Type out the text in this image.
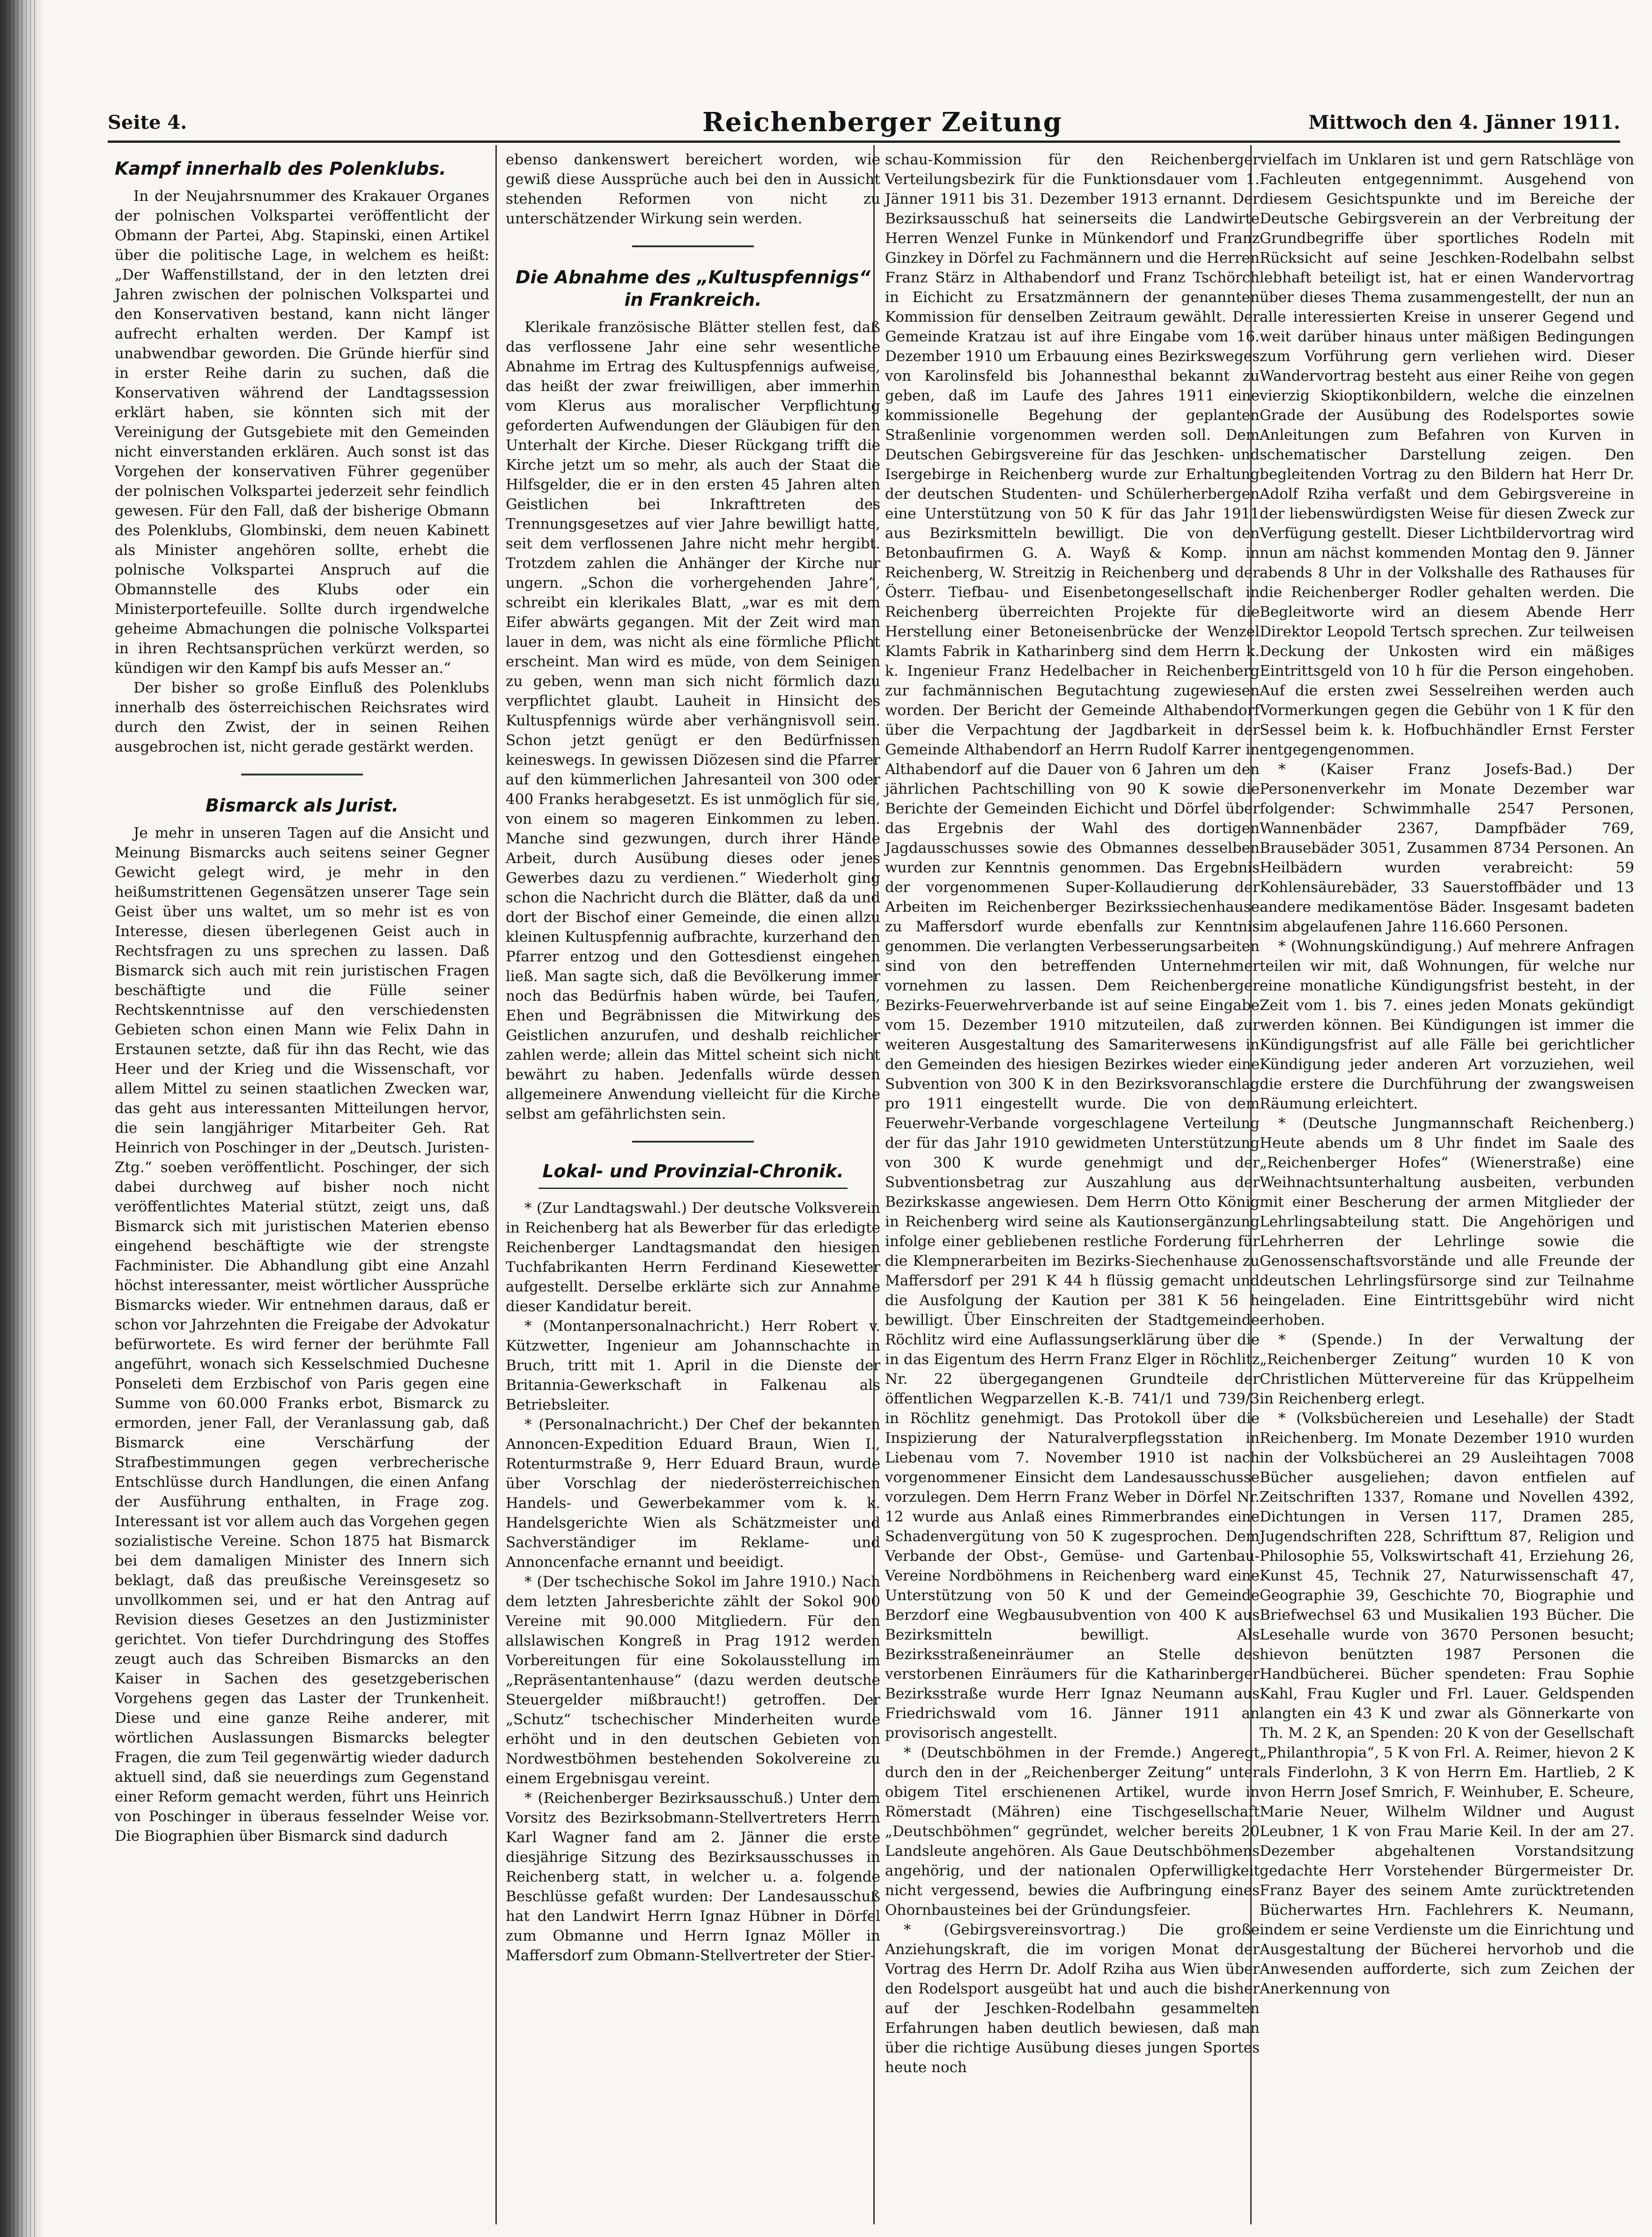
Seite 4.	Reichenberger Zeitung	Mittwoch den 4. Jänner 1911.
Kampf innerhalb des Polenklubs.

In der Neujahrsnummer des Krakauer Organes der polnischen Volkspartei veröffentlicht der Obmann der Partei, Abg. Stapinski, einen Artikel über die politische Lage, in welchem es heißt: „Der Waffenstillstand, der in den letzten drei Jahren zwischen der polnischen Volkspartei und den Konservativen bestand, kann nicht länger aufrecht erhalten werden. Der Kampf ist unabwendbar geworden. Die Gründe hierfür sind in erster Reihe darin zu suchen, daß die Konservativen während der Landtagssession erklärt haben, sie könnten sich mit der Vereinigung der Gutsgebiete mit den Gemeinden nicht einverstanden erklären. Auch sonst ist das Vorgehen der konservativen Führer gegenüber der polnischen Volkspartei jederzeit sehr feindlich gewesen. Für den Fall, daß der bisherige Obmann des Polenklubs, Glombinski, dem neuen Kabinett als Minister angehören sollte, erhebt die polnische Volkspartei Anspruch auf die Obmannstelle des Klubs oder ein Ministerportefeuille. Sollte durch irgendwelche geheime Abmachungen die polnische Volkspartei in ihren Rechtsansprüchen verkürzt werden, so kündigen wir den Kampf bis aufs Messer an.“

Der bisher so große Einfluß des Polenklubs innerhalb des österreichischen Reichsrates wird durch den Zwist, der in seinen Reihen ausgebrochen ist, nicht gerade gestärkt werden.

Bismarck als Jurist.

Je mehr in unseren Tagen auf die Ansicht und Meinung Bismarcks auch seitens seiner Gegner Gewicht gelegt wird, je mehr in den heißumstrittenen Gegensätzen unserer Tage sein Geist über uns waltet, um so mehr ist es von Interesse, diesen überlegenen Geist auch in Rechtsfragen zu uns sprechen zu lassen. Daß Bismarck sich auch mit rein juristischen Fragen beschäftigte und die Fülle seiner Rechtskenntnisse auf den verschiedensten Gebieten schon einen Mann wie Felix Dahn in Erstaunen setzte, daß für ihn das Recht, wie das Heer und der Krieg und die Wissenschaft, vor allem Mittel zu seinen staatlichen Zwecken war, das geht aus interessanten Mitteilungen hervor, die sein langjähriger Mitarbeiter Geh. Rat Heinrich von Poschinger in der „Deutsch. Juristen-Ztg.“ soeben veröffentlicht. Poschinger, der sich dabei durchweg auf bisher noch nicht veröffentlichtes Material stützt, zeigt uns, daß Bismarck sich mit juristischen Materien ebenso eingehend beschäftigte wie der strengste Fachminister. Die Abhandlung gibt eine Anzahl höchst interessanter, meist wörtlicher Aussprüche Bismarcks wieder. Wir entnehmen daraus, daß er schon vor Jahrzehnten die Freigabe der Advokatur befürwortete. Es wird ferner der berühmte Fall angeführt, wonach sich Kesselschmied Duchesne Ponseleti dem Erzbischof von Paris gegen eine Summe von 60.000 Franks erbot, Bismarck zu ermorden, jener Fall, der Veranlassung gab, daß Bismarck eine Verschärfung der Strafbestimmungen gegen verbrecherische Entschlüsse durch Handlungen, die einen Anfang der Ausführung enthalten, in Frage zog. Interessant ist vor allem auch das Vorgehen gegen sozialistische Vereine. Schon 1875 hat Bismarck bei dem damaligen Minister des Innern sich beklagt, daß das preußische Vereinsgesetz so unvollkommen sei, und er hat den Antrag auf Revision dieses Gesetzes an den Justizminister gerichtet. Von tiefer Durchdringung des Stoffes zeugt auch das Schreiben Bismarcks an den Kaiser in Sachen des gesetzgeberischen Vorgehens gegen das Laster der Trunkenheit. Diese und eine ganze Reihe anderer, mit wörtlichen Auslassungen Bismarcks belegter Fragen, die zum Teil gegenwärtig wieder dadurch aktuell sind, daß sie neuerdings zum Gegenstand einer Reform gemacht werden, führt uns Heinrich von Poschinger in überaus fesselnder Weise vor. Die Biographien über Bismarck sind dadurch

ebenso dankenswert bereichert worden, wie gewiß diese Aussprüche auch bei den in Aussicht stehenden Reformen von nicht zu unterschätzender Wirkung sein werden.

Die Abnahme des „Kultuspfennigs“ in Frankreich.

Klerikale französische Blätter stellen fest, daß das verflossene Jahr eine sehr wesentliche Abnahme im Ertrag des Kultuspfennigs aufweise, das heißt der zwar freiwilligen, aber immerhin vom Klerus aus moralischer Verpflichtung geforderten Aufwendungen der Gläubigen für den Unterhalt der Kirche. Dieser Rückgang trifft die Kirche jetzt um so mehr, als auch der Staat die Hilfsgelder, die er in den ersten 45 Jahren alten Geistlichen bei Inkrafttreten des Trennungsgesetzes auf vier Jahre bewilligt hatte, seit dem verflossenen Jahre nicht mehr hergibt. Trotzdem zahlen die Anhänger der Kirche nur ungern. „Schon die vorhergehenden Jahre“, schreibt ein klerikales Blatt, „war es mit dem Eifer abwärts gegangen. Mit der Zeit wird man lauer in dem, was nicht als eine förmliche Pflicht erscheint. Man wird es müde, von dem Seinigen zu geben, wenn man sich nicht förmlich dazu verpflichtet glaubt. Lauheit in Hinsicht des Kultuspfennigs würde aber verhängnisvoll sein. Schon jetzt genügt er den Bedürfnissen keineswegs. In gewissen Diözesen sind die Pfarrer auf den kümmerlichen Jahresanteil von 300 oder 400 Franks herabgesetzt. Es ist unmöglich für sie, von einem so mageren Einkommen zu leben. Manche sind gezwungen, durch ihrer Hände Arbeit, durch Ausübung dieses oder jenes Gewerbes dazu zu verdienen.“ Wiederholt ging schon die Nachricht durch die Blätter, daß da und dort der Bischof einer Gemeinde, die einen allzu kleinen Kultuspfennig aufbrachte, kurzerhand den Pfarrer entzog und den Gottesdienst eingehen ließ. Man sagte sich, daß die Bevölkerung immer noch das Bedürfnis haben würde, bei Taufen, Ehen und Begräbnissen die Mitwirkung des Geistlichen anzurufen, und deshalb reichlicher zahlen werde; allein das Mittel scheint sich nicht bewährt zu haben. Jedenfalls würde dessen allgemeinere Anwendung vielleicht für die Kirche selbst am gefährlichsten sein.

Lokal- und Provinzial-Chronik.

* (Zur Landtagswahl.) Der deutsche Volksverein in Reichenberg hat als Bewerber für das erledigte Reichenberger Landtagsmandat den hiesigen Tuchfabrikanten Herrn Ferdinand Kiesewetter aufgestellt. Derselbe erklärte sich zur Annahme dieser Kandidatur bereit.

* (Montanpersonalnachricht.) Herr Robert v. Kützwetter, Ingenieur am Johannschachte in Bruch, tritt mit 1. April in die Dienste der Britannia-Gewerkschaft in Falkenau als Betriebsleiter.

* (Personalnachricht.) Der Chef der bekannten Annoncen-Expedition Eduard Braun, Wien I., Rotenturmstraße 9, Herr Eduard Braun, wurde über Vorschlag der niederösterreichischen Handels- und Gewerbekammer vom k. k. Handelsgerichte Wien als Schätzmeister und Sachverständiger im Reklame- und Annoncenfache ernannt und beeidigt.

* (Der tschechische Sokol im Jahre 1910.) Nach dem letzten Jahresberichte zählt der Sokol 900 Vereine mit 90.000 Mitgliedern. Für den allslawischen Kongreß in Prag 1912 werden Vorbereitungen für eine Sokolausstellung im „Repräsentantenhause“ (dazu werden deutsche Steuergelder mißbraucht!) getroffen. Der „Schutz“ tschechischer Minderheiten wurde erhöht und in den deutschen Gebieten von Nordwestböhmen bestehenden Sokolvereine zu einem Ergebnisgau vereint.

* (Reichenberger Bezirksausschuß.) Unter dem Vorsitz des Bezirksobmann-Stellvertreters Herrn Karl Wagner fand am 2. Jänner die erste diesjährige Sitzung des Bezirksausschusses in Reichenberg statt, in welcher u. a. folgende Beschlüsse gefaßt wurden: Der Landesausschuß hat den Landwirt Herrn Ignaz Hübner in Dörfel zum Obmanne und Herrn Ignaz Möller in Maffersdorf zum Obmann-Stellvertreter der Stier-

schau-Kommission für den Reichenberger Verteilungsbezirk für die Funktionsdauer vom 1. Jänner 1911 bis 31. Dezember 1913 ernannt. Der Bezirksausschuß hat seinerseits die Landwirte Herren Wenzel Funke in Münkendorf und Franz Ginzkey in Dörfel zu Fachmännern und die Herren Franz Stärz in Althabendorf und Franz Tschörch in Eichicht zu Ersatzmännern der genannten Kommission für denselben Zeitraum gewählt. Der Gemeinde Kratzau ist auf ihre Eingabe vom 16. Dezember 1910 um Erbauung eines Bezirksweges von Karolinsfeld bis Johannesthal bekannt zu geben, daß im Laufe des Jahres 1911 eine kommissionelle Begehung der geplanten Straßenlinie vorgenommen werden soll. Dem Deutschen Gebirgsvereine für das Jeschken- und Isergebirge in Reichenberg wurde zur Erhaltung der deutschen Studenten- und Schülerherbergen eine Unterstützung von 50 K für das Jahr 1911 aus Bezirksmitteln bewilligt. Die von den Betonbaufirmen G. A. Wayß & Komp. in Reichenberg, W. Streitzig in Reichenberg und der Österr. Tiefbau- und Eisenbetongesellschaft in Reichenberg überreichten Projekte für die Herstellung einer Betoneisenbrücke der Wenzel Klamts Fabrik in Katharinberg sind dem Herrn k. k. Ingenieur Franz Hedelbacher in Reichenberg zur fachmännischen Begutachtung zugewiesen worden. Der Bericht der Gemeinde Althabendorf über die Verpachtung der Jagdbarkeit in der Gemeinde Althabendorf an Herrn Rudolf Karrer in Althabendorf auf die Dauer von 6 Jahren um den jährlichen Pachtschilling von 90 K sowie die Berichte der Gemeinden Eichicht und Dörfel über das Ergebnis der Wahl des dortigen Jagdausschusses sowie des Obmannes desselben wurden zur Kenntnis genommen. Das Ergebnis der vorgenommenen Super-Kollaudierung der Arbeiten im Reichenberger Bezirkssiechenhause zu Maffersdorf wurde ebenfalls zur Kenntnis genommen. Die verlangten Verbesserungsarbeiten sind von den betreffenden Unternehmer vornehmen zu lassen. Dem Reichenberger Bezirks-Feuerwehrverbande ist auf seine Eingabe vom 15. Dezember 1910 mitzuteilen, daß zur weiteren Ausgestaltung des Samariterwesens in den Gemeinden des hiesigen Bezirkes wieder eine Subvention von 300 K in den Bezirksvoranschlag pro 1911 eingestellt wurde. Die von dem Feuerwehr-Verbande vorgeschlagene Verteilung der für das Jahr 1910 gewidmeten Unterstützung von 300 K wurde genehmigt und der Subventionsbetrag zur Auszahlung aus der Bezirkskasse angewiesen. Dem Herrn Otto König in Reichenberg wird seine als Kautionsergänzung infolge einer gebliebenen restliche Forderung für die Klempnerarbeiten im Bezirks-Siechenhause zu Maffersdorf per 291 K 44 h flüssig gemacht und die Ausfolgung der Kaution per 381 K 56 h bewilligt. Über Einschreiten der Stadtgemeinde Röchlitz wird eine Auflassungserklärung über die in das Eigentum des Herrn Franz Elger in Röchlitz Nr. 22 übergegangenen Grundteile der öffentlichen Wegparzellen K.-B. 741/1 und 739/3 in Röchlitz genehmigt. Das Protokoll über die Inspizierung der Naturalverpflegsstation in Liebenau vom 7. November 1910 ist nach vorgenommener Einsicht dem Landesausschusse vorzulegen. Dem Herrn Franz Weber in Dörfel Nr. 12 wurde aus Anlaß eines Rimmerbrandes eine Schadenvergütung von 50 K zugesprochen. Dem Verbande der Obst-, Gemüse- und Gartenbau-Vereine Nordböhmens in Reichenberg ward eine Unterstützung von 50 K und der Gemeinde Berzdorf eine Wegbausubvention von 400 K aus Bezirksmitteln bewilligt. Als Bezirksstraßeneinräumer an Stelle des verstorbenen Einräumers für die Katharinberger Bezirksstraße wurde Herr Ignaz Neumann aus Friedrichswald vom 16. Jänner 1911 an provisorisch angestellt.

* (Deutschböhmen in der Fremde.) Angeregt durch den in der „Reichenberger Zeitung“ unter obigem Titel erschienenen Artikel, wurde in Römerstadt (Mähren) eine Tischgesellschaft „Deutschböhmen“ gegründet, welcher bereits 20 Landsleute angehören. Als Gaue Deutschböhmens angehörig, und der nationalen Opferwilligkeit nicht vergessend, bewies die Aufbringung eines Ohornbausteines bei der Gründungsfeier.

* (Gebirgsvereinsvortrag.) Die große Anziehungskraft, die im vorigen Monat der Vortrag des Herrn Dr. Adolf Rziha aus Wien über den Rodelsport ausgeübt hat und auch die bisher auf der Jeschken-Rodelbahn gesammelten Erfahrungen haben deutlich bewiesen, daß man über die richtige Ausübung dieses jungen Sportes heute noch

vielfach im Unklaren ist und gern Ratschläge von Fachleuten entgegennimmt. Ausgehend von diesem Gesichtspunkte und im Bereiche der Deutsche Gebirgsverein an der Verbreitung der Grundbegriffe über sportliches Rodeln mit Rücksicht auf seine Jeschken-Rodelbahn selbst lebhaft beteiligt ist, hat er einen Wandervortrag über dieses Thema zusammengestellt, der nun an alle interessierten Kreise in unserer Gegend und weit darüber hinaus unter mäßigen Bedingungen zum Vorführung gern verliehen wird. Dieser Wandervortrag besteht aus einer Reihe von gegen vierzig Skioptikonbildern, welche die einzelnen Grade der Ausübung des Rodelsportes sowie Anleitungen zum Befahren von Kurven in schematischer Darstellung zeigen. Den begleitenden Vortrag zu den Bildern hat Herr Dr. Adolf Rziha verfaßt und dem Gebirgsvereine in der liebenswürdigsten Weise für diesen Zweck zur Verfügung gestellt. Dieser Lichtbildervortrag wird nun am nächst kommenden Montag den 9. Jänner abends 8 Uhr in der Volkshalle des Rathauses für die Reichenberger Rodler gehalten werden. Die Begleitworte wird an diesem Abende Herr Direktor Leopold Tertsch sprechen. Zur teilweisen Deckung der Unkosten wird ein mäßiges Eintrittsgeld von 10 h für die Person eingehoben. Auf die ersten zwei Sesselreihen werden auch Vormerkungen gegen die Gebühr von 1 K für den Sessel beim k. k. Hofbuchhändler Ernst Ferster entgegengenommen.

* (Kaiser Franz Josefs-Bad.) Der Personenverkehr im Monate Dezember war folgender: Schwimmhalle 2547 Personen, Wannenbäder 2367, Dampfbäder 769, Brausebäder 3051, Zusammen 8734 Personen. An Heilbädern wurden verabreicht: 59 Kohlensäurebäder, 33 Sauerstoffbäder und 13 andere medikamentöse Bäder. Insgesamt badeten im abgelaufenen Jahre 116.660 Personen.

* (Wohnungskündigung.) Auf mehrere Anfragen teilen wir mit, daß Wohnungen, für welche nur eine monatliche Kündigungsfrist besteht, in der Zeit vom 1. bis 7. eines jeden Monats gekündigt werden können. Bei Kündigungen ist immer die Kündigungsfrist auf alle Fälle bei gerichtlicher Kündigung jeder anderen Art vorzuziehen, weil die erstere die Durchführung der zwangsweisen Räumung erleichtert.

* (Deutsche Jungmannschaft Reichenberg.) Heute abends um 8 Uhr findet im Saale des „Reichenberger Hofes“ (Wienerstraße) eine Weihnachtsunterhaltung ausbeiten, verbunden mit einer Bescherung der armen Mitglieder der Lehrlingsabteilung statt. Die Angehörigen und Lehrherren der Lehrlinge sowie die Genossenschaftsvorstände und alle Freunde der deutschen Lehrlingsfürsorge sind zur Teilnahme eingeladen. Eine Eintrittsgebühr wird nicht erhoben.

* (Spende.) In der Verwaltung der „Reichenberger Zeitung“ wurden 10 K von Christlichen Müttervereine für das Krüppelheim in Reichenberg erlegt.

* (Volksbüchereien und Lesehalle) der Stadt Reichenberg. Im Monate Dezember 1910 wurden in der Volksbücherei an 29 Ausleihtagen 7008 Bücher ausgeliehen; davon entfielen auf Zeitschriften 1337, Romane und Novellen 4392, Dichtungen in Versen 117, Dramen 285, Jugendschriften 228, Schrifttum 87, Religion und Philosophie 55, Volkswirtschaft 41, Erziehung 26, Kunst 45, Technik 27, Naturwissenschaft 47, Geographie 39, Geschichte 70, Biographie und Briefwechsel 63 und Musikalien 193 Bücher. Die Lesehalle wurde von 3670 Personen besucht; hievon benützten 1987 Personen die Handbücherei. Bücher spendeten: Frau Sophie Kahl, Frau Kugler und Frl. Lauer. Geldspenden langten ein 43 K und zwar als Gönnerkarte von Th. M. 2 K, an Spenden: 20 K von der Gesellschaft „Philanthropia“, 5 K von Frl. A. Reimer, hievon 2 K als Finderlohn, 3 K von Herrn Em. Hartlieb, 2 K von Herrn Josef Smrich, F. Weinhuber, E. Scheure, Marie Neuer, Wilhelm Wildner und August Leubner, 1 K von Frau Marie Keil. In der am 27. Dezember abgehaltenen Vorstandsitzung gedachte Herr Vorstehender Bürgermeister Dr. Franz Bayer des seinem Amte zurücktretenden Bücherwartes Hrn. Fachlehrers K. Neumann, indem er seine Verdienste um die Einrichtung und Ausgestaltung der Bücherei hervorhob und die Anwesenden aufforderte, sich zum Zeichen der Anerkennung von
